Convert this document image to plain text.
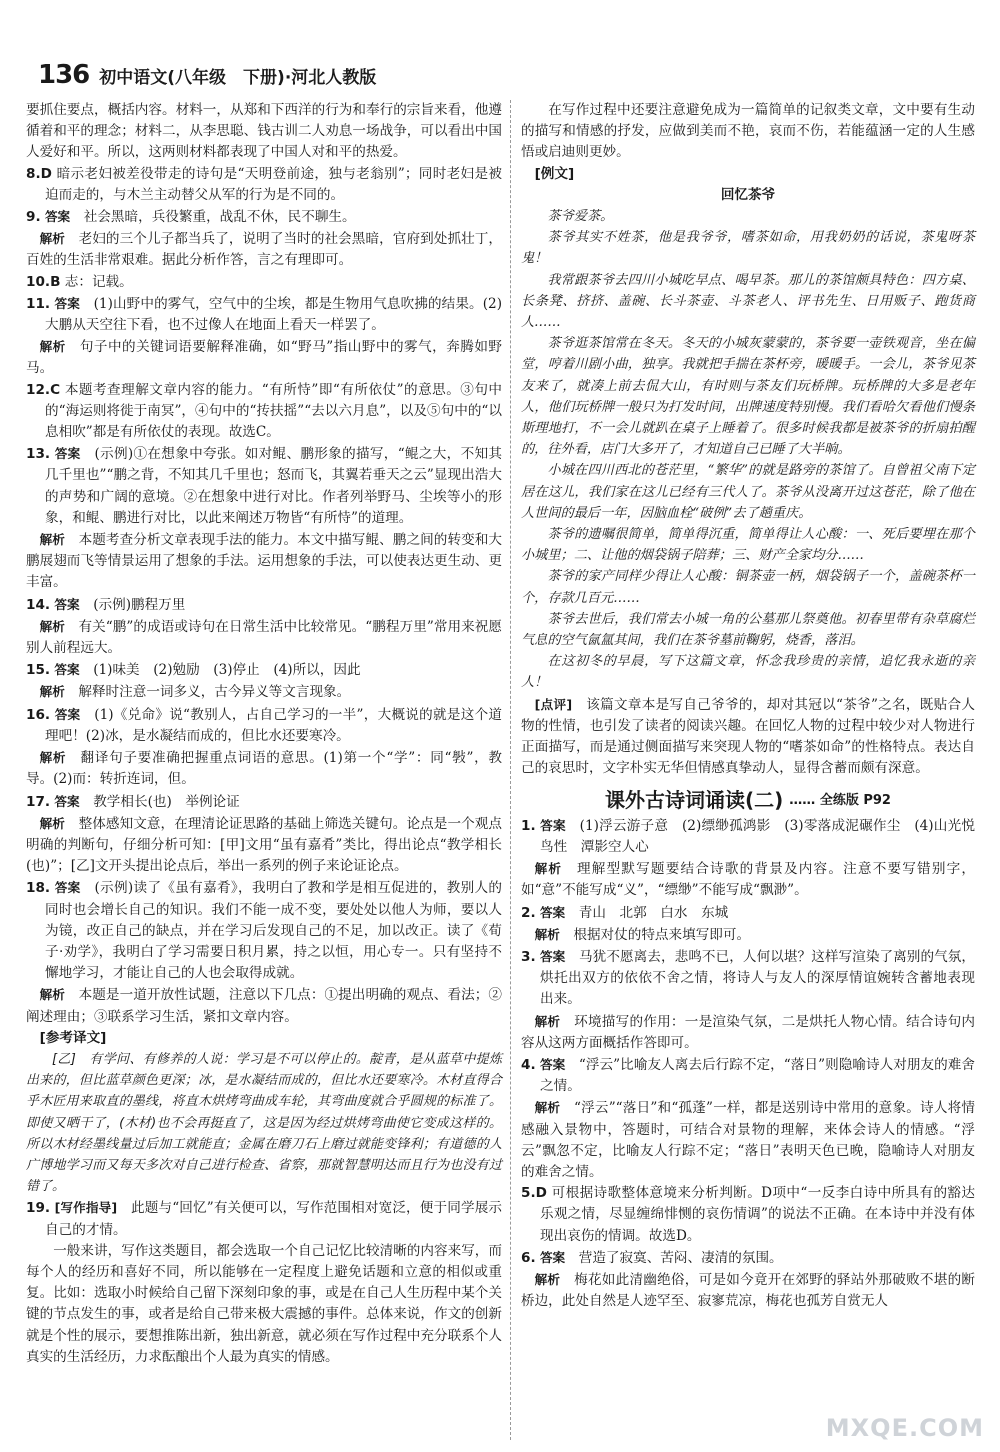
136 初中语文(八年级　下册)·河北人教版

要抓住要点，概括内容。材料一，从郑和下西洋的行为和奉行的宗旨来看，他遵循着和平的理念；材料二，从李思聪、钱古训二人劝息一场战争，可以看出中国人爱好和平。所以，这两则材料都表现了中国人对和平的热爱。

8.D 暗示老妇被差役带走的诗句是“天明登前途，独与老翁别”；同时老妇是被迫而走的，与木兰主动替父从军的行为是不同的。

9. 答案　 社会黑暗，兵役繁重，战乱不休，民不聊生。

解析　 老妇的三个儿子都当兵了，说明了当时的社会黑暗，官府到处抓壮丁，百姓的生活非常艰难。据此分析作答，言之有理即可。

10.B 志：记载。

11. 答案　 (1)山野中的雾气，空气中的尘埃，都是生物用气息吹拂的结果。(2)大鹏从天空往下看，也不过像人在地面上看天一样罢了。

解析　 句子中的关键词语要解释准确，如“野马”指山野中的雾气，奔腾如野马。

12.C 本题考查理解文章内容的能力。“有所恃”即“有所依仗”的意思。③句中的“海运则将徙于南冥”，④句中的“抟扶摇”“去以六月息”，以及⑤句中的“以息相吹”都是有所依仗的表现。故选C。

13. 答案　 (示例)①在想象中夸张。如对鲲、鹏形象的描写，“鲲之大，不知其几千里也”“鹏之背，不知其几千里也；怒而飞，其翼若垂天之云”显现出浩大的声势和广阔的意境。②在想象中进行对比。作者列举野马、尘埃等小的形象，和鲲、鹏进行对比，以此来阐述万物皆“有所恃”的道理。

解析　 本题考查分析文章表现手法的能力。本文中描写鲲、鹏之间的转变和大鹏展翅而飞等情景运用了想象的手法。运用想象的手法，可以使表达更生动、更丰富。

14. 答案　 (示例)鹏程万里

解析　 有关“鹏”的成语或诗句在日常生活中比较常见。“鹏程万里”常用来祝愿别人前程远大。

15. 答案　 (1)味美　(2)勉励　(3)停止　(4)所以，因此

解析　 解释时注意一词多义，古今异义等文言现象。

16. 答案　 (1)《兑命》说“教别人，占自己学习的一半”，大概说的就是这个道理吧！(2)冰，是水凝结而成的，但比水还要寒冷。

解析　 翻译句子要准确把握重点词语的意思。(1)第一个“学”：同“斅”，教导。(2)而：转折连词，但。

17. 答案　 教学相长(也)　举例论证

解析　 整体感知文意，在理清论证思路的基础上筛选关键句。论点是一个观点明确的判断句，仔细分析可知：[甲]文用“虽有嘉肴”类比，得出论点“教学相长(也)”；[乙]文开头提出论点后，举出一系列的例子来论证论点。

18. 答案　 (示例)读了《虽有嘉肴》，我明白了教和学是相互促进的，教别人的同时也会增长自己的知识。我们不能一成不变，要处处以他人为师，要以人为镜，改正自己的缺点，并在学习后发现自己的不足，加以改正。读了《荀子·劝学》，我明白了学习需要日积月累，持之以恒，用心专一。只有坚持不懈地学习，才能让自己的人也会取得成就。

解析　 本题是一道开放性试题，注意以下几点：①提出明确的观点、看法；②阐述理由；③联系学习生活，紧扣文章内容。

[参考译文]

[乙]　有学问、有修养的人说：学习是不可以停止的。靛青，是从蓝草中提炼出来的，但比蓝草颜色更深；冰，是水凝结而成的，但比水还要寒冷。木材直得合乎木匠用来取直的墨线，将直木烘烤弯曲成车轮，其弯曲度就合乎圆规的标准了。即使又晒干了，(木材)也不会再挺直了，这是因为经过烘烤弯曲使它变成这样的。所以木材经墨线量过后加工就能直；金属在磨刀石上磨过就能变锋利；有道德的人广博地学习而又每天多次对自己进行检查、省察，那就智慧明达而且行为也没有过错了。

19. [写作指导]　 此题与“回忆”有关便可以，写作范围相对宽泛，便于同学展示自己的才情。

一般来讲，写作这类题目，都会选取一个自己记忆比较清晰的内容来写，而每个人的经历和喜好不同，所以能够在一定程度上避免话题和立意的相似或重复。比如：选取小时候给自己留下深刻印象的事，或是在自己人生历程中某个关键的节点发生的事，或者是给自己带来极大震撼的事件。总体来说，作文的创新就是个性的展示，要想推陈出新，独出新意，就必须在写作过程中充分联系个人真实的生活经历，力求酝酿出个人最为真实的情感。

在写作过程中还要注意避免成为一篇简单的记叙类文章，文中要有生动的描写和情感的抒发，应做到美而不艳，哀而不伤，若能蕴涵一定的人生感悟或启迪则更妙。

[例文]

回忆茶爷

茶爷爱茶。

茶爷其实不姓茶，他是我爷爷，嗜茶如命，用我奶奶的话说，茶鬼呀茶鬼！

我常跟茶爷去四川小城吃早点、喝早茶。那儿的茶馆颇具特色：四方桌、长条凳、挤挤、盖碗、长斗茶壶、斗茶老人、评书先生、日用贩子、跑货商人……

茶爷逛茶馆常在冬天。冬天的小城灰蒙蒙的，茶爷要一壶铁观音，坐在偏堂，哼着川剧小曲，独享。我就把手揣在茶杯旁，暖暖手。一会儿，茶爷见茶友来了，就凑上前去侃大山，有时则与茶友们玩桥牌。玩桥牌的大多是老年人，他们玩桥牌一般只为打发时间，出牌速度特别慢。我们看哈欠看他们慢条斯理地打，不一会儿就趴在桌子上睡着了。很多时候我都是被茶爷的折扇拍醒的，往外看，店门大多开了，才知道自己已睡了大半晌。

小城在四川西北的苍茫里，“繁华”的就是路旁的茶馆了。自曾祖父南下定居在这儿，我们家在这儿已经有三代人了。茶爷从没离开过这苍茫，除了他在人世间的最后一年，因脑血栓“破例”去了趟重庆。

茶爷的遗嘱很简单，简单得沉重，简单得让人心酸：一、死后要埋在那个小城里；二、让他的烟袋锅子陪葬；三、财产全家均分……

茶爷的家产同样少得让人心酸：铜茶壶一柄，烟袋锅子一个，盖碗茶杯一个，存款几百元……

茶爷去世后，我们常去小城一角的公墓那儿祭奠他。初春里带有杂草腐烂气息的空气氤氲其间，我们在茶爷墓前鞠躬，烧香，落泪。

在这初冬的早晨，写下这篇文章，怀念我珍贵的亲情，追忆我永逝的亲人！

[点评]　 该篇文章本是写自己爷爷的，却对其冠以“茶爷”之名，既贴合人物的性情，也引发了读者的阅读兴趣。在回忆人物的过程中较少对人物进行正面描写，而是通过侧面描写来突现人物的“嗜茶如命”的性格特点。表达自己的哀思时，文字朴实无华但情感真挚动人，显得含蓄而颇有深意。

课外古诗词诵读(二) …… 全练版 P92

1. 答案　 (1)浮云游子意　(2)缥缈孤鸿影　(3)零落成泥碾作尘　(4)山光悦鸟性　潭影空人心

解析　 理解型默写题要结合诗歌的背景及内容。注意不要写错别字，如“意”不能写成“义”，“缥缈”不能写成“飘渺”。

2. 答案　 青山　北郭　白水　东城

解析　 根据对仗的特点来填写即可。

3. 答案　 马犹不愿离去，悲鸣不已，人何以堪？这样写渲染了离别的气氛，烘托出双方的依依不舍之情，将诗人与友人的深厚情谊婉转含蓄地表现出来。

解析　 环境描写的作用：一是渲染气氛，二是烘托人物心情。结合诗句内容从这两方面概括作答即可。

4. 答案　 “浮云”比喻友人离去后行踪不定，“落日”则隐喻诗人对朋友的难舍之情。

解析　 “浮云”“落日”和“孤蓬”一样，都是送别诗中常用的意象。诗人将情感融入景物中，答题时，可结合对景物的理解，来体会诗人的情感。“浮云”飘忽不定，比喻友人行踪不定；“落日”表明天色已晚，隐喻诗人对朋友的难舍之情。

5.D 可根据诗歌整体意境来分析判断。D项中“一反李白诗中所具有的豁达乐观之情，尽显缠绵悱恻的哀伤情调”的说法不正确。在本诗中并没有体现出哀伤的情调。故选D。

6. 答案　 营造了寂寞、苦闷、凄清的氛围。

解析　 梅花如此清幽绝俗，可是如今竟开在郊野的驿站外那破败不堪的断桥边，此处自然是人迹罕至、寂寥荒凉，梅花也孤芳自赏无人

MXQE.COM
